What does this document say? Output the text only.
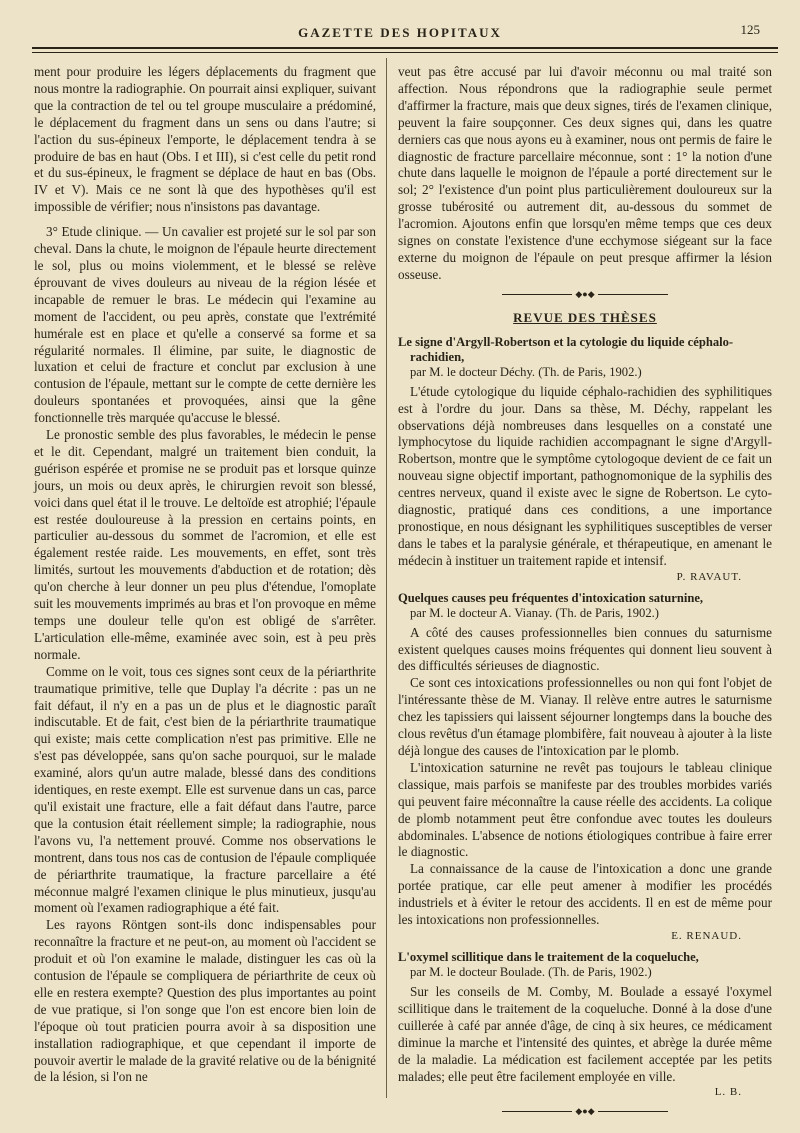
GAZETTE DES HOPITAUX	125

ment pour produire les légers déplacements du fragment que nous montre la radiographie. On pourrait ainsi expliquer, suivant que la contraction de tel ou tel groupe musculaire a prédominé, le déplacement du fragment dans un sens ou dans l'autre; si l'action du sus-épineux l'emporte, le déplacement tendra à se produire de bas en haut (Obs. I et III), si c'est celle du petit rond et du sus-épineux, le fragment se déplace de haut en bas (Obs. IV et V). Mais ce ne sont là que des hypothèses qu'il est impossible de vérifier; nous n'insistons pas davantage.

3° Etude clinique. — Un cavalier est projeté sur le sol par son cheval. Dans la chute, le moignon de l'épaule heurte directement le sol, plus ou moins violemment, et le blessé se relève éprouvant de vives douleurs au niveau de la région lésée et incapable de remuer le bras. Le médecin qui l'examine au moment de l'accident, ou peu après, constate que l'extrémité humérale est en place et qu'elle a conservé sa forme et sa régularité normales. Il élimine, par suite, le diagnostic de luxation et celui de fracture et conclut par exclusion à une contusion de l'épaule, mettant sur le compte de cette dernière les douleurs spontanées et provoquées, ainsi que la gêne fonctionnelle très marquée qu'accuse le blessé.

Le pronostic semble des plus favorables, le médecin le pense et le dit. Cependant, malgré un traitement bien conduit, la guérison espérée et promise ne se produit pas et lorsque quinze jours, un mois ou deux après, le chirurgien revoit son blessé, voici dans quel état il le trouve. Le deltoïde est atrophié; l'épaule est restée douloureuse à la pression en certains points, en particulier au-dessous du sommet de l'acromion, et elle est également restée raide. Les mouvements, en effet, sont très limités, surtout les mouvements d'abduction et de rotation; dès qu'on cherche à leur donner un peu plus d'étendue, l'omoplate suit les mouvements imprimés au bras et l'on provoque en même temps une douleur telle qu'on est obligé de s'arrêter. L'articulation elle-même, examinée avec soin, est à peu près normale.

Comme on le voit, tous ces signes sont ceux de la périarthrite traumatique primitive, telle que Duplay l'a décrite : pas un ne fait défaut, il n'y en a pas un de plus et le diagnostic paraît indiscutable. Et de fait, c'est bien de la périarthrite traumatique qui existe; mais cette complication n'est pas primitive. Elle ne s'est pas développée, sans qu'on sache pourquoi, sur le malade examiné, alors qu'un autre malade, blessé dans des conditions identiques, en reste exempt. Elle est survenue dans un cas, parce qu'il existait une fracture, elle a fait défaut dans l'autre, parce que la contusion était réellement simple; la radiographie, nous l'avons vu, l'a nettement prouvé. Comme nos observations le montrent, dans tous nos cas de contusion de l'épaule compliquée de périarthrite traumatique, la fracture parcellaire a été méconnue malgré l'examen clinique le plus minutieux, jusqu'au moment où l'examen radiographique a été fait.

Les rayons Röntgen sont-ils donc indispensables pour reconnaître la fracture et ne peut-on, au moment où l'accident se produit et où l'on examine le malade, distinguer les cas où la contusion de l'épaule se compliquera de périarthrite de ceux où elle en restera exempte? Question des plus importantes au point de vue pratique, si l'on songe que l'on est encore bien loin de l'époque où tout praticien pourra avoir à sa disposition une installation radiographique, et que cependant il importe de pouvoir avertir le malade de la gravité relative ou de la bénignité de la lésion, si l'on ne

veut pas être accusé par lui d'avoir méconnu ou mal traité son affection. Nous répondrons que la radiographie seule permet d'affirmer la fracture, mais que deux signes, tirés de l'examen clinique, peuvent la faire soupçonner. Ces deux signes qui, dans les quatre derniers cas que nous ayons eu à examiner, nous ont permis de faire le diagnostic de fracture parcellaire méconnue, sont : 1° la notion d'une chute dans laquelle le moignon de l'épaule a porté directement sur le sol; 2° l'existence d'un point plus particulièrement douloureux sur la grosse tubérosité ou autrement dit, au-dessous du sommet de l'acromion. Ajoutons enfin que lorsqu'en même temps que ces deux signes on constate l'existence d'une ecchymose siégeant sur la face externe du moignon de l'épaule on peut presque affirmer la lésion osseuse.

◆●◆
REVUE DES THÈSES
Le signe d'Argyll-Robertson et la cytologie du liquide céphalo-rachidien,
par M. le docteur Déchy. (Th. de Paris, 1902.)

L'étude cytologique du liquide céphalo-rachidien des syphilitiques est à l'ordre du jour. Dans sa thèse, M. Déchy, rappelant les observations déjà nombreuses dans lesquelles on a constaté une lymphocytose du liquide rachidien accompagnant le signe d'Argyll-Robertson, montre que le symptôme cytologoque devient de ce fait un nouveau signe objectif important, pathognomonique de la syphilis des centres nerveux, quand il existe avec le signe de Robertson. Le cyto-diagnostic, pratiqué dans ces conditions, a une importance pronostique, en nous désignant les syphilitiques susceptibles de verser dans le tabes et la paralysie générale, et thérapeutique, en amenant le médecin à instituer un traitement rapide et intensif.

P. RAVAUT.
Quelques causes peu fréquentes d'intoxication saturnine,
par M. le docteur A. Vianay. (Th. de Paris, 1902.)

A côté des causes professionnelles bien connues du saturnisme existent quelques causes moins fréquentes qui donnent lieu souvent à des difficultés sérieuses de diagnostic.

Ce sont ces intoxications professionnelles ou non qui font l'objet de l'intéressante thèse de M. Vianay. Il relève entre autres le saturnisme chez les tapissiers qui laissent séjourner longtemps dans la bouche des clous revêtus d'un étamage plombifère, fait nouveau à ajouter à la liste déjà longue des causes de l'intoxication par le plomb.

L'intoxication saturnine ne revêt pas toujours le tableau clinique classique, mais parfois se manifeste par des troubles morbides variés qui peuvent faire méconnaître la cause réelle des accidents. La colique de plomb notamment peut être confondue avec toutes les douleurs abdominales. L'absence de notions étiologiques contribue à faire errer le diagnostic.

La connaissance de la cause de l'intoxication a donc une grande portée pratique, car elle peut amener à modifier les procédés industriels et à éviter le retour des accidents. Il en est de même pour les intoxications non professionnelles.

E. RENAUD.
L'oxymel scillitique dans le traitement de la coqueluche,
par M. le docteur Boulade. (Th. de Paris, 1902.)

Sur les conseils de M. Comby, M. Boulade a essayé l'oxymel scillitique dans le traitement de la coqueluche. Donné à la dose d'une cuillerée à café par année d'âge, de cinq à six heures, ce médicament diminue la marche et l'intensité des quintes, et abrège la durée même de la maladie. La médication est facilement acceptée par les petits malades; elle peut être facilement employée en ville.

L. B.
◆●◆
